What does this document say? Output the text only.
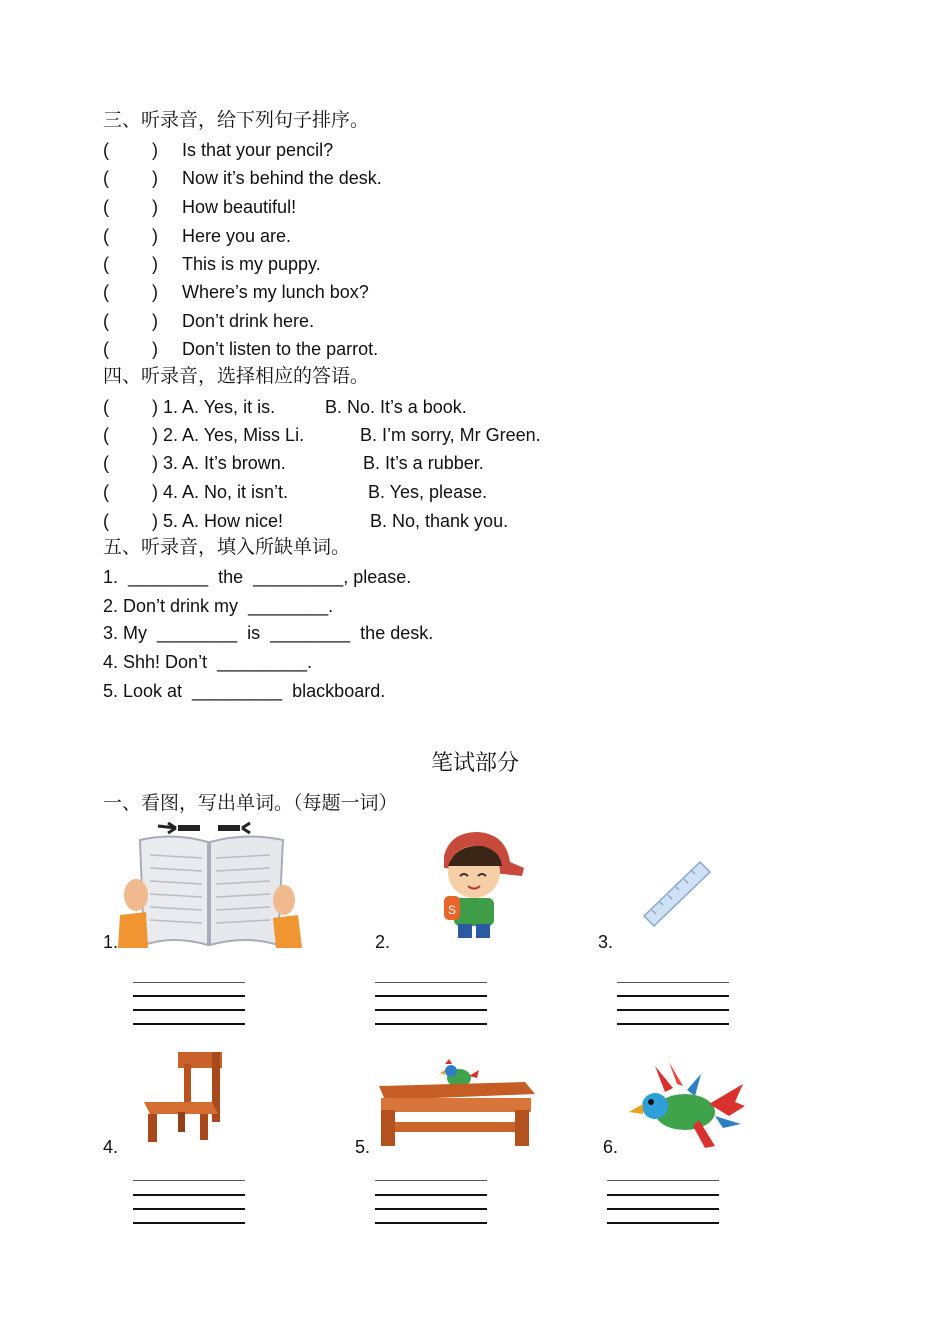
三、听录音，给下列句子排序。
( ) Is that your pencil?
( ) Now it’s behind the desk.
( ) How beautiful!
( ) Here you are.
( ) This is my puppy.
( ) Where’s my lunch box?
( ) Don’t drink here.
( ) Don’t listen to the parrot.
四、听录音，选择相应的答语。
( ) 1. A. Yes, it is.	B. No. It’s a book.
( ) 2. A. Yes, Miss Li.	B. I’m sorry, Mr Green.
( ) 3. A. It’s brown.	B. It’s a rubber.
( ) 4. A. No, it isn’t.	B. Yes, please.
( ) 5. A. How nice!	B. No, thank you.
五、听录音，填入所缺单词。
1.  ________  the  _________, please.
2. Don’t drink my  ________.
3. My  ________  is  ________  the desk.
4. Shh! Don’t  _________.
5. Look at  _________  blackboard.
笔试部分
一、看图，写出单词。（每题一词）
1.	2.
S
3.
4.	5.	6.
